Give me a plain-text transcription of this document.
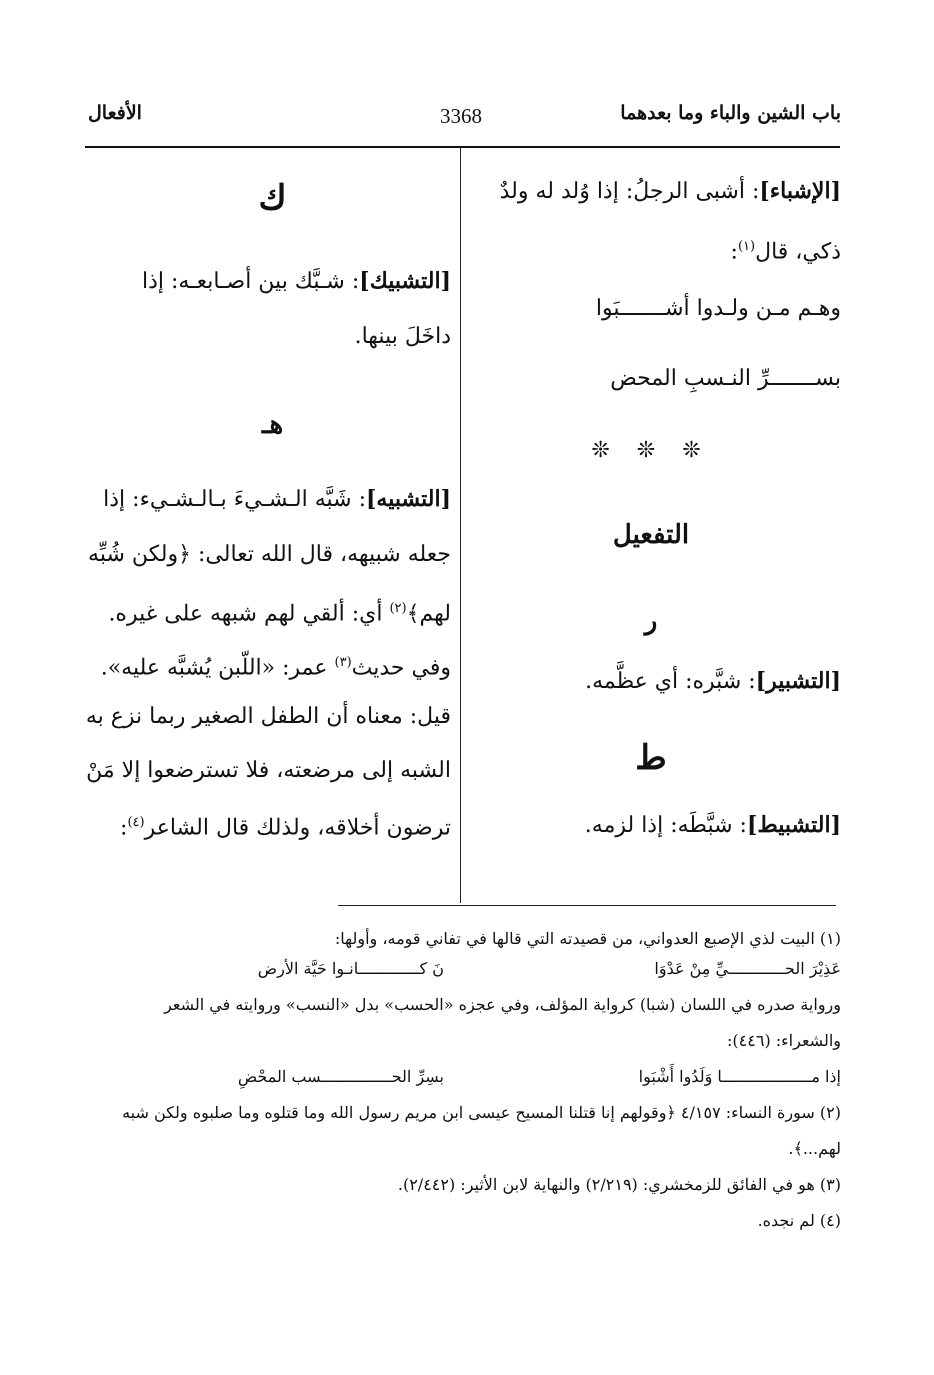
باب الشين والباء وما بعدهما
3368
الأفعال
[الإشباء]: أشبى الرجلُ: إذا وُلد له ولدٌ
ذكي، قال$^{(١)}$:
وهـم مـن ولـدوا أشـــــــبَوا
بســـــــرِّ النـسبِ المحض
❊ ❊ ❊
التفعيل
ر
[التشبير]: شبَّره: أي عظَّمه.
ط
[التشبيط]: شبَّطَه: إذا لزمه.
ك
[التشبيك]: شـبَّك بين أصـابعـه: إذا
داخَلَ بينها.
هـ
[التشبيه]: شَبَّه الـشـيءَ بـالـشـيء: إذا
جعله شبيهه، قال الله تعالى: ﴿ولكن شُبِّه
لهم﴾$^{(٢)}$ أي: ألقي لهم شبهه على غيره.
وفي حديث$^{(٣)}$ عمر: «اللّبن يُشبَّه عليه».
قيل: معناه أن الطفل الصغير ربما نزع به
الشبه إلى مرضعته، فلا تسترضعوا إلا مَنْ
ترضون أخلاقه، ولذلك قال الشاعر$^{(٤)}$:
(١) البيت لذي الإصبع العدواني، من قصيدته التي قالها في تفاني قومه، وأولها:
عَذِيْرَ الحــــــــــــيِّ مِنْ عَدْوَا
نَ كـــــــــــــانـوا حَيَّة الأرض
ورواية صدره في اللسان (شبا) كرواية المؤلف، وفي عجزه «الحسب» بدل «النسب» وروايته في الشعر
والشعراء: (٤٤٦):
إذا مـــــــــــــــــــا وَلَدُوا أَشْبَوا
بسِرِّ الحـــــــــــــــسب المحْضِ
(٢) سورة النساء: ٤/١٥٧ ﴿وقولهم إنا قتلنا المسيح عيسى ابن مريم رسول الله وما قتلوه وما صلبوه ولكن شبه
لهم...﴾.
(٣) هو في الفائق للزمخشري: (٢/٢١٩) والنهاية لابن الأثير: (٢/٤٤٢).
(٤) لم نجده.
